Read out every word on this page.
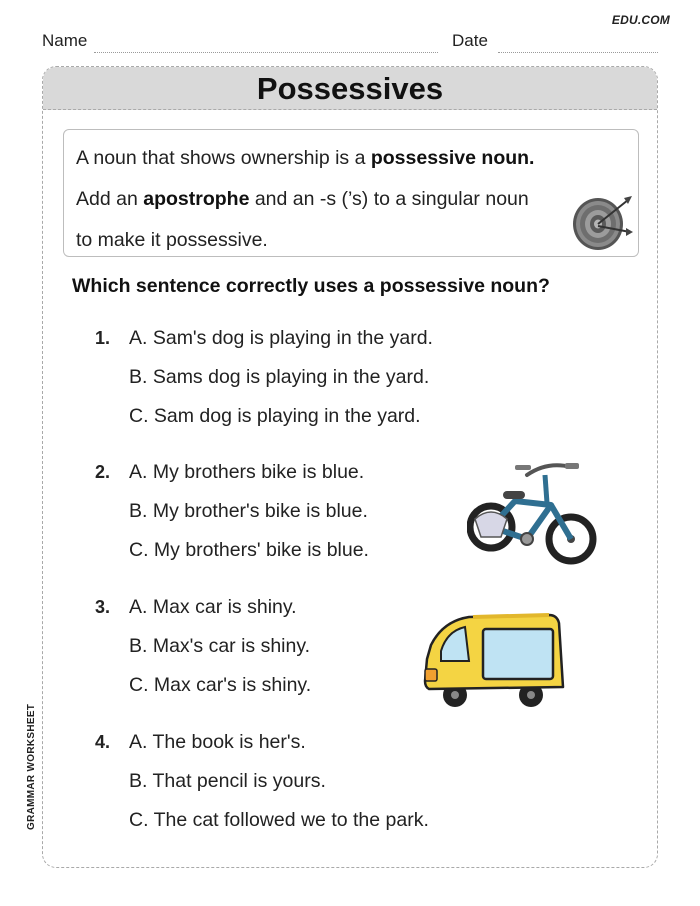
EDU.COM
Name	Date
Possessives

A noun that shows ownership is a possessive noun.

Add an apostrophe and an -s (’s) to a singular noun

to make it possessive.

Which sentence correctly uses a possessive noun?
1. A. Sam's dog is playing in the yard.
B. Sams dog is playing in the yard.
C. Sam dog is playing in the yard.
2. A. My brothers bike is blue.
B. My brother's bike is blue.
C. My brothers' bike is blue.
3. A. Max car is shiny.
B. Max's car is shiny.
C. Max car's is shiny.
4. A. The book is her's.
B. That pencil is yours.
C. The cat followed we to the park.
GRAMMAR WORKSHEET
